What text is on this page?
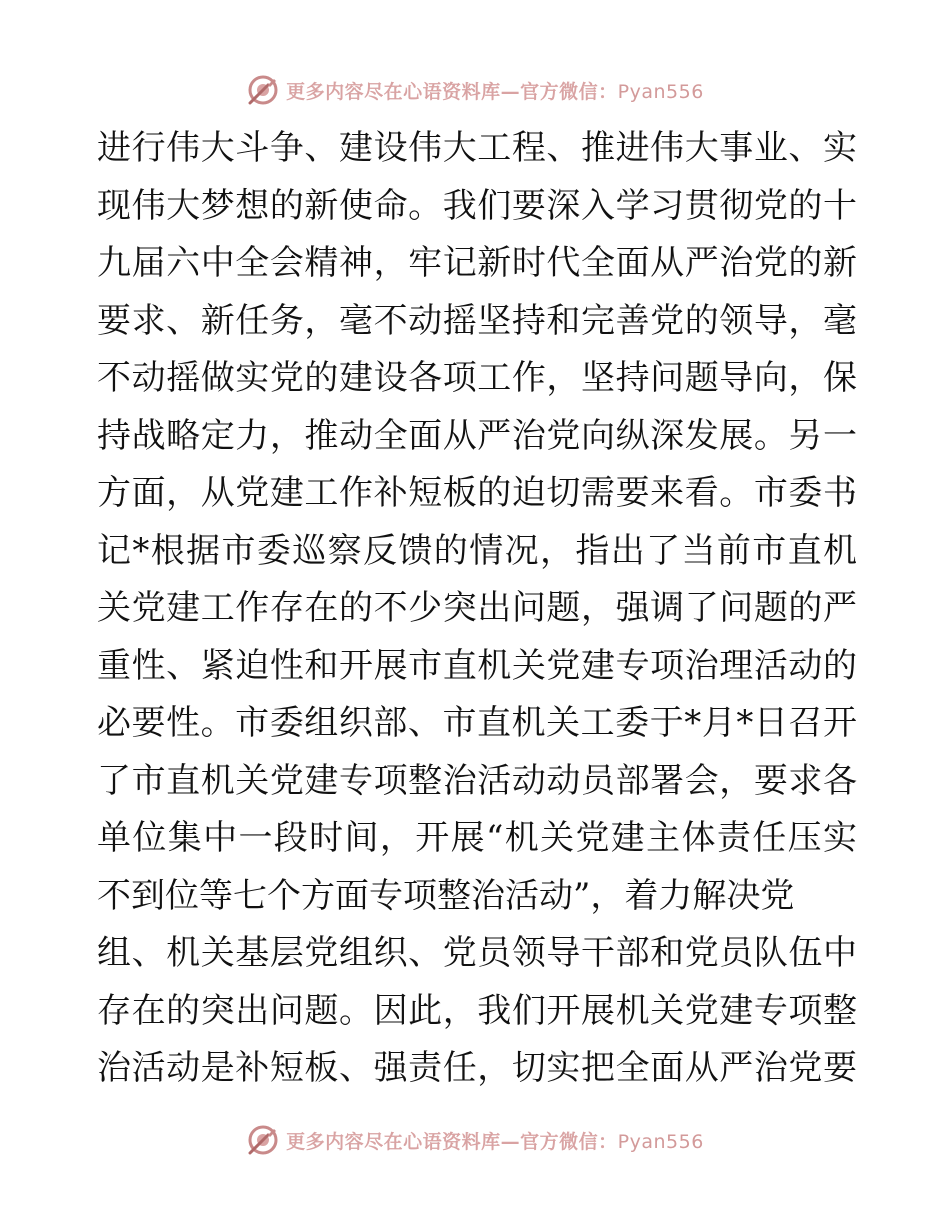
更多内容尽在心语资料库—官方微信：Pyan556
进行伟大斗争、建设伟大工程、推进伟大事业、实
现伟大梦想的新使命。我们要深入学习贯彻党的十
九届六中全会精神，牢记新时代全面从严治党的新
要求、新任务，毫不动摇坚持和完善党的领导，毫
不动摇做实党的建设各项工作，坚持问题导向，保
持战略定力，推动全面从严治党向纵深发展。另一
方面，从党建工作补短板的迫切需要来看。市委书
记*根据市委巡察反馈的情况，指出了当前市直机
关党建工作存在的不少突出问题，强调了问题的严
重性、紧迫性和开展市直机关党建专项治理活动的
必要性。市委组织部、市直机关工委于*月*日召开
了市直机关党建专项整治活动动员部署会，要求各
单位集中一段时间，开展“机关党建主体责任压实
不到位等七个方面专项整治活动”，着力解决党
组、机关基层党组织、党员领导干部和党员队伍中
存在的突出问题。因此，我们开展机关党建专项整
治活动是补短板、强责任，切实把全面从严治党要
更多内容尽在心语资料库—官方微信：Pyan556
